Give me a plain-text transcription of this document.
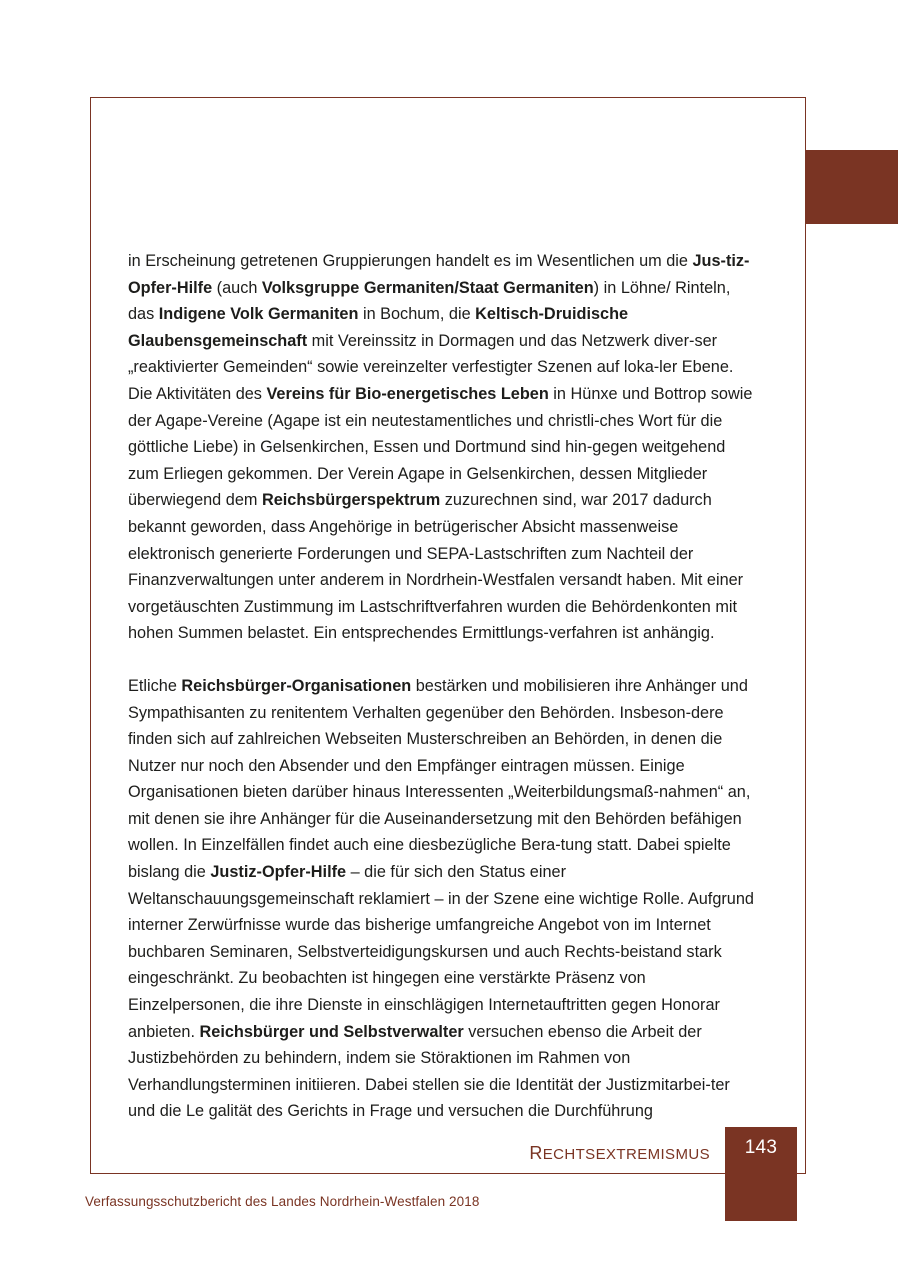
in Erscheinung getretenen Gruppierungen handelt es im Wesentlichen um die Jus-tiz-Opfer-Hilfe (auch Volksgruppe Germaniten/Staat Germaniten) in Löhne/ Rinteln, das Indigene Volk Germaniten in Bochum, die Keltisch-Druidische Glaubensgemeinschaft mit Vereinssitz in Dormagen und das Netzwerk diver-ser „reaktivierter Gemeinden“ sowie vereinzelter verfestigter Szenen auf loka-ler Ebene. Die Aktivitäten des Vereins für Bio-energetisches Leben in Hünxe und Bottrop sowie der Agape-Vereine (Agape ist ein neutestamentliches und christli-ches Wort für die göttliche Liebe) in Gelsenkirchen, Essen und Dortmund sind hin-gegen weitgehend zum Erliegen gekommen. Der Verein Agape in Gelsenkirchen, dessen Mitglieder überwiegend dem Reichsbürgerspektrum zuzurechnen sind, war 2017 dadurch bekannt geworden, dass Angehörige in betrügerischer Absicht massenweise elektronisch generierte Forderungen und SEPA-Lastschriften zum Nachteil der Finanzverwaltungen unter anderem in Nordrhein-Westfalen versandt haben. Mit einer vorgetäuschten Zustimmung im Lastschriftverfahren wurden die Behördenkonten mit hohen Summen belastet. Ein entsprechendes Ermittlungs-verfahren ist anhängig.

Etliche Reichsbürger-Organisationen bestärken und mobilisieren ihre Anhänger und Sympathisanten zu renitentem Verhalten gegenüber den Behörden. Insbeson-dere finden sich auf zahlreichen Webseiten Musterschreiben an Behörden, in denen die Nutzer nur noch den Absender und den Empfänger eintragen müssen. Einige Organisationen bieten darüber hinaus Interessenten „Weiterbildungsmaß-nahmen“ an, mit denen sie ihre Anhänger für die Auseinandersetzung mit den Behörden befähigen wollen. In Einzelfällen findet auch eine diesbezügliche Bera-tung statt. Dabei spielte bislang die Justiz-Opfer-Hilfe – die für sich den Status einer Weltanschauungsgemeinschaft reklamiert – in der Szene eine wichtige Rolle. Aufgrund interner Zerwürfnisse wurde das bisherige umfangreiche Angebot von im Internet buchbaren Seminaren, Selbstverteidigungskursen und auch Rechts-beistand stark eingeschränkt. Zu beobachten ist hingegen eine verstärkte Präsenz von Einzelpersonen, die ihre Dienste in einschlägigen Internetauftritten gegen Honorar anbieten. Reichsbürger und Selbstverwalter versuchen ebenso die Arbeit der Justizbehörden zu behindern, indem sie Störaktionen im Rahmen von Verhandlungsterminen initiieren. Dabei stellen sie die Identität der Justizmitarbei-ter und die Le galität des Gerichts in Frage und versuchen die Durchführung

143
RECHTSEXTREMISMUS
Verfassungsschutzbericht des Landes Nordrhein-Westfalen 2018
